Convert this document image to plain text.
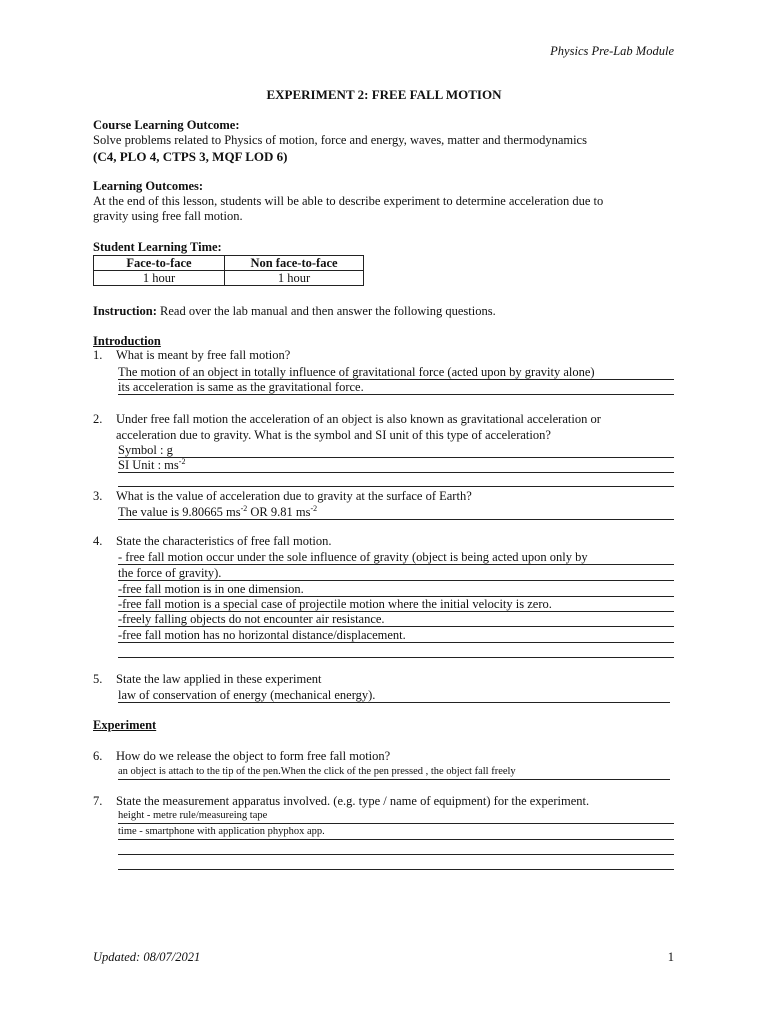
Physics Pre-Lab Module
EXPERIMENT 2: FREE FALL MOTION
Course Learning Outcome:
Solve problems related to Physics of motion, force and energy, waves, matter and thermodynamics
(C4, PLO 4, CTPS 3, MQF LOD 6)
Learning Outcomes:
At the end of this lesson, students will be able to describe experiment to determine acceleration due to
gravity using free fall motion.
Student Learning Time:
Face-to-face	Non face-to-face
1 hour	1 hour
Instruction: Read over the lab manual and then answer the following questions.
Introduction
1. What is meant by free fall motion?
The motion of an object in totally influence of gravitational force (acted upon by gravity alone)
its acceleration is same as the gravitational force.
2. Under free fall motion the acceleration of an object is also known as gravitational acceleration or
acceleration due to gravity. What is the symbol and SI unit of this type of acceleration?
Symbol : g
SI Unit : $ms^{-2}$
3. What is the value of acceleration due to gravity at the surface of Earth?
The value is 9.80665 $ms^{-2}$ OR 9.81 $ms^{-2}$
4. State the characteristics of free fall motion.
- free fall motion occur under the sole influence of gravity (object is being acted upon only by
the force of gravity).
-free fall motion is in one dimension.
-free fall motion is a special case of projectile motion where the initial velocity is zero.
-freely falling objects do not encounter air resistance.
-free fall motion has no horizontal distance/displacement.
5. State the law applied in these experiment
law of conservation of energy (mechanical energy).
Experiment
6. How do we release the object to form free fall motion?
an object is attach to the tip of the pen.When the click of the pen pressed , the object fall freely
7. State the measurement apparatus involved. (e.g. type / name of equipment) for the experiment.
height - metre rule/measureing tape
time - smartphone with application phyphox app.
Updated: 08/07/2021	1
